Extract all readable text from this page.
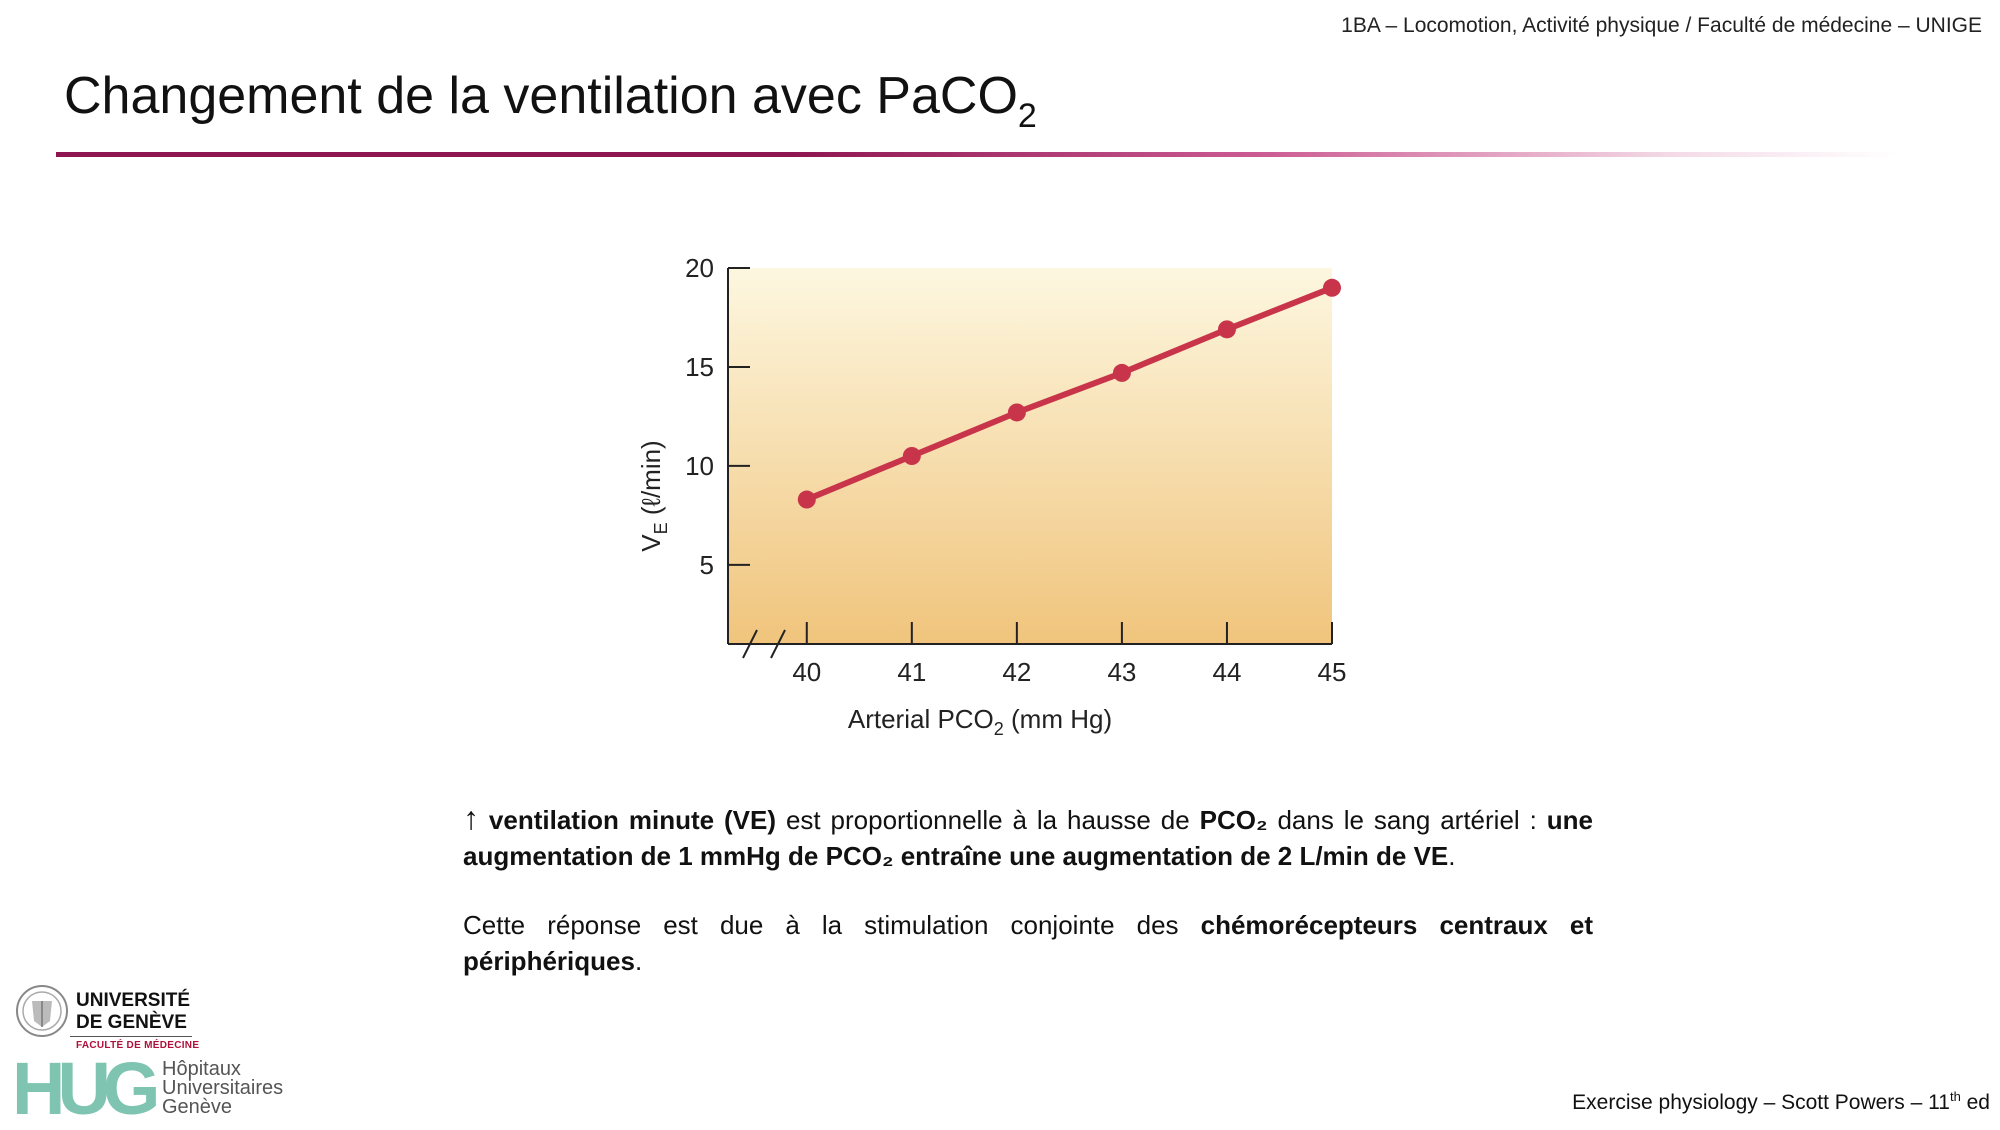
1BA – Locomotion, Activité physique / Faculté de médecine – UNIGE
Changement de la ventilation avec PaCO$_2$
5
10
15
20
40	41	42	43	44	45
Arterial $PCO_2$ (mm Hg)
$V_E$ (ℓ/min)

↑ ventilation minute (VE) est proportionnelle à la hausse de PCO₂ dans le sang artériel : une augmentation de 1 mmHg de PCO₂ entraîne une augmentation de 2 L/min de VE.

Cette réponse est due à la stimulation conjointe des chémorécepteurs centraux et périphériques.

UNIVERSITÉ
DE GENÈVE
FACULTÉ DE MÉDECINE
HUG Hôpitaux
Universitaires
Genève	Exercise physiology – Scott Powers – 11th ed
